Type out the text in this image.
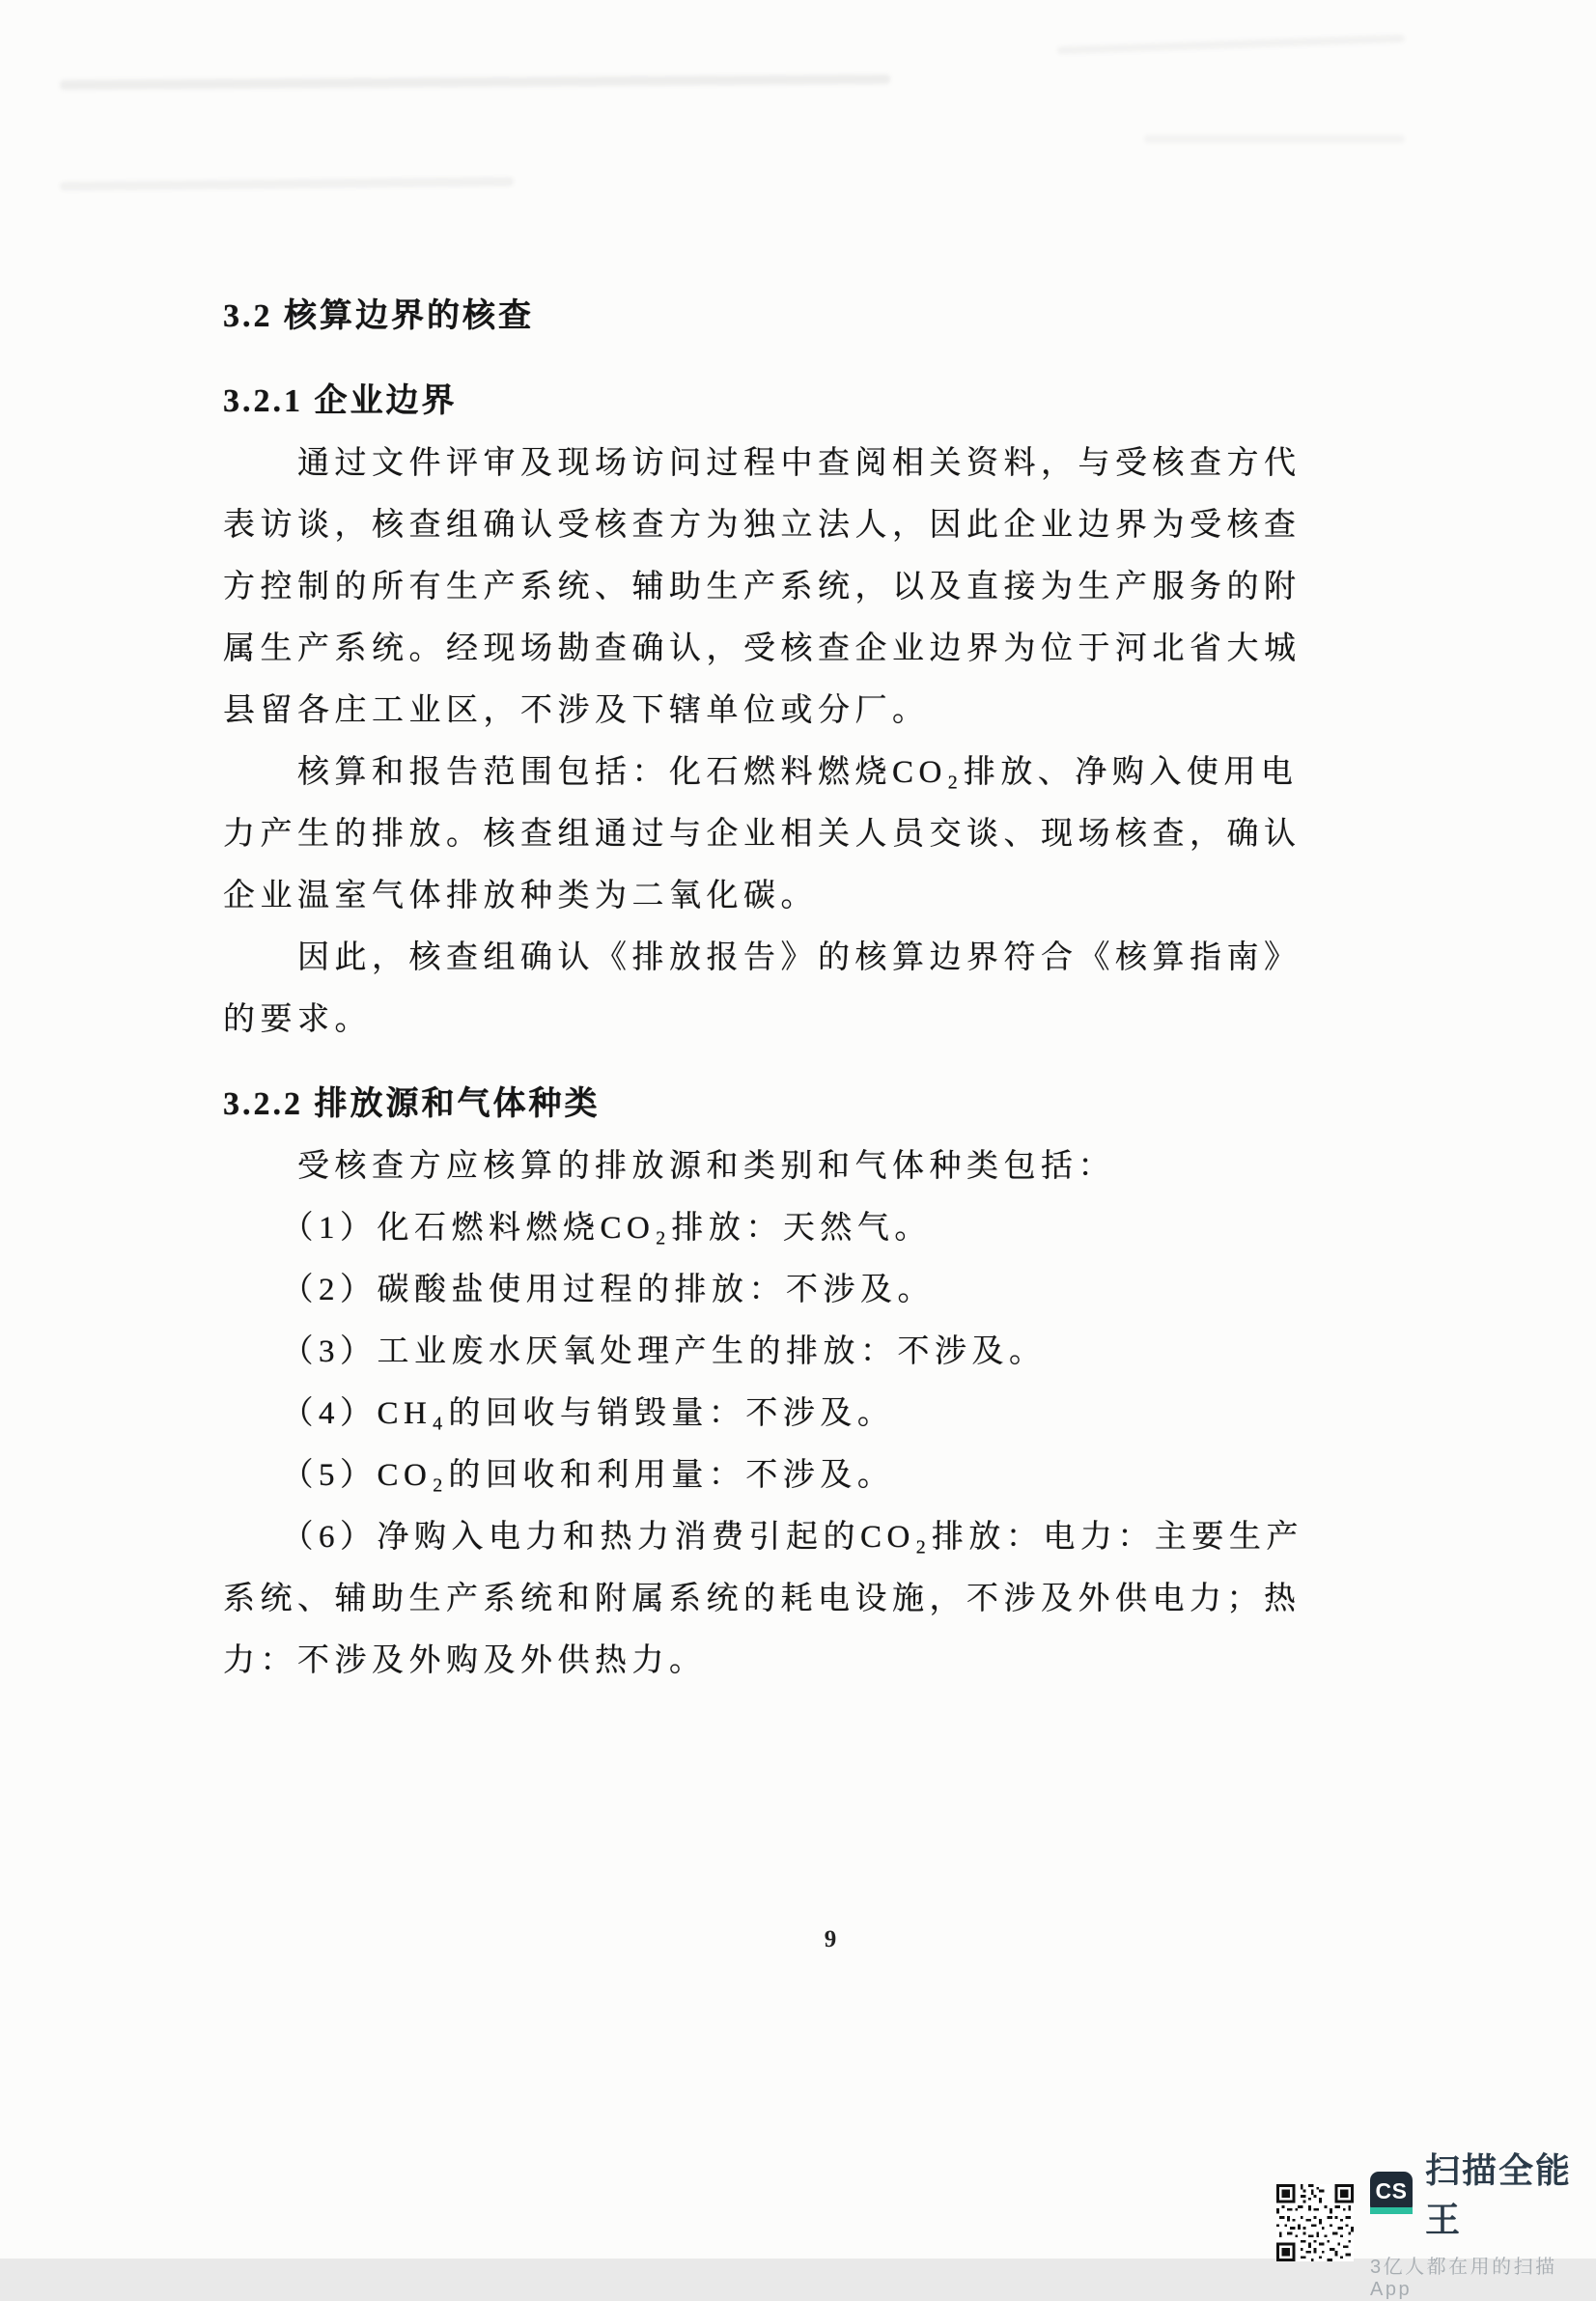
3.2 核算边界的核查
3.2.1 企业边界
　　通过文件评审及现场访问过程中查阅相关资料，与受核查方代
表访谈，核查组确认受核查方为独立法人，因此企业边界为受核查
方控制的所有生产系统、辅助生产系统，以及直接为生产服务的附
属生产系统。经现场勘查确认，受核查企业边界为位于河北省大城
县留各庄工业区，不涉及下辖单位或分厂。
　　核算和报告范围包括：化石燃料燃烧CO₂排放、净购入使用电
力产生的排放。核查组通过与企业相关人员交谈、现场核查，确认
企业温室气体排放种类为二氧化碳。
　　因此，核查组确认《排放报告》的核算边界符合《核算指南》
的要求。
3.2.2 排放源和气体种类
　　受核查方应核算的排放源和类别和气体种类包括：
　　（1）化石燃料燃烧CO₂排放：天然气。
　　（2）碳酸盐使用过程的排放：不涉及。
　　（3）工业废水厌氧处理产生的排放：不涉及。
　　（4）CH₄的回收与销毁量：不涉及。
　　（5）CO₂的回收和利用量：不涉及。
　　（6）净购入电力和热力消费引起的CO₂排放：电力：主要生产
系统、辅助生产系统和附属系统的耗电设施，不涉及外供电力；热
力：不涉及外购及外供热力。
9
CS
扫描全能王
3亿人都在用的扫描App
